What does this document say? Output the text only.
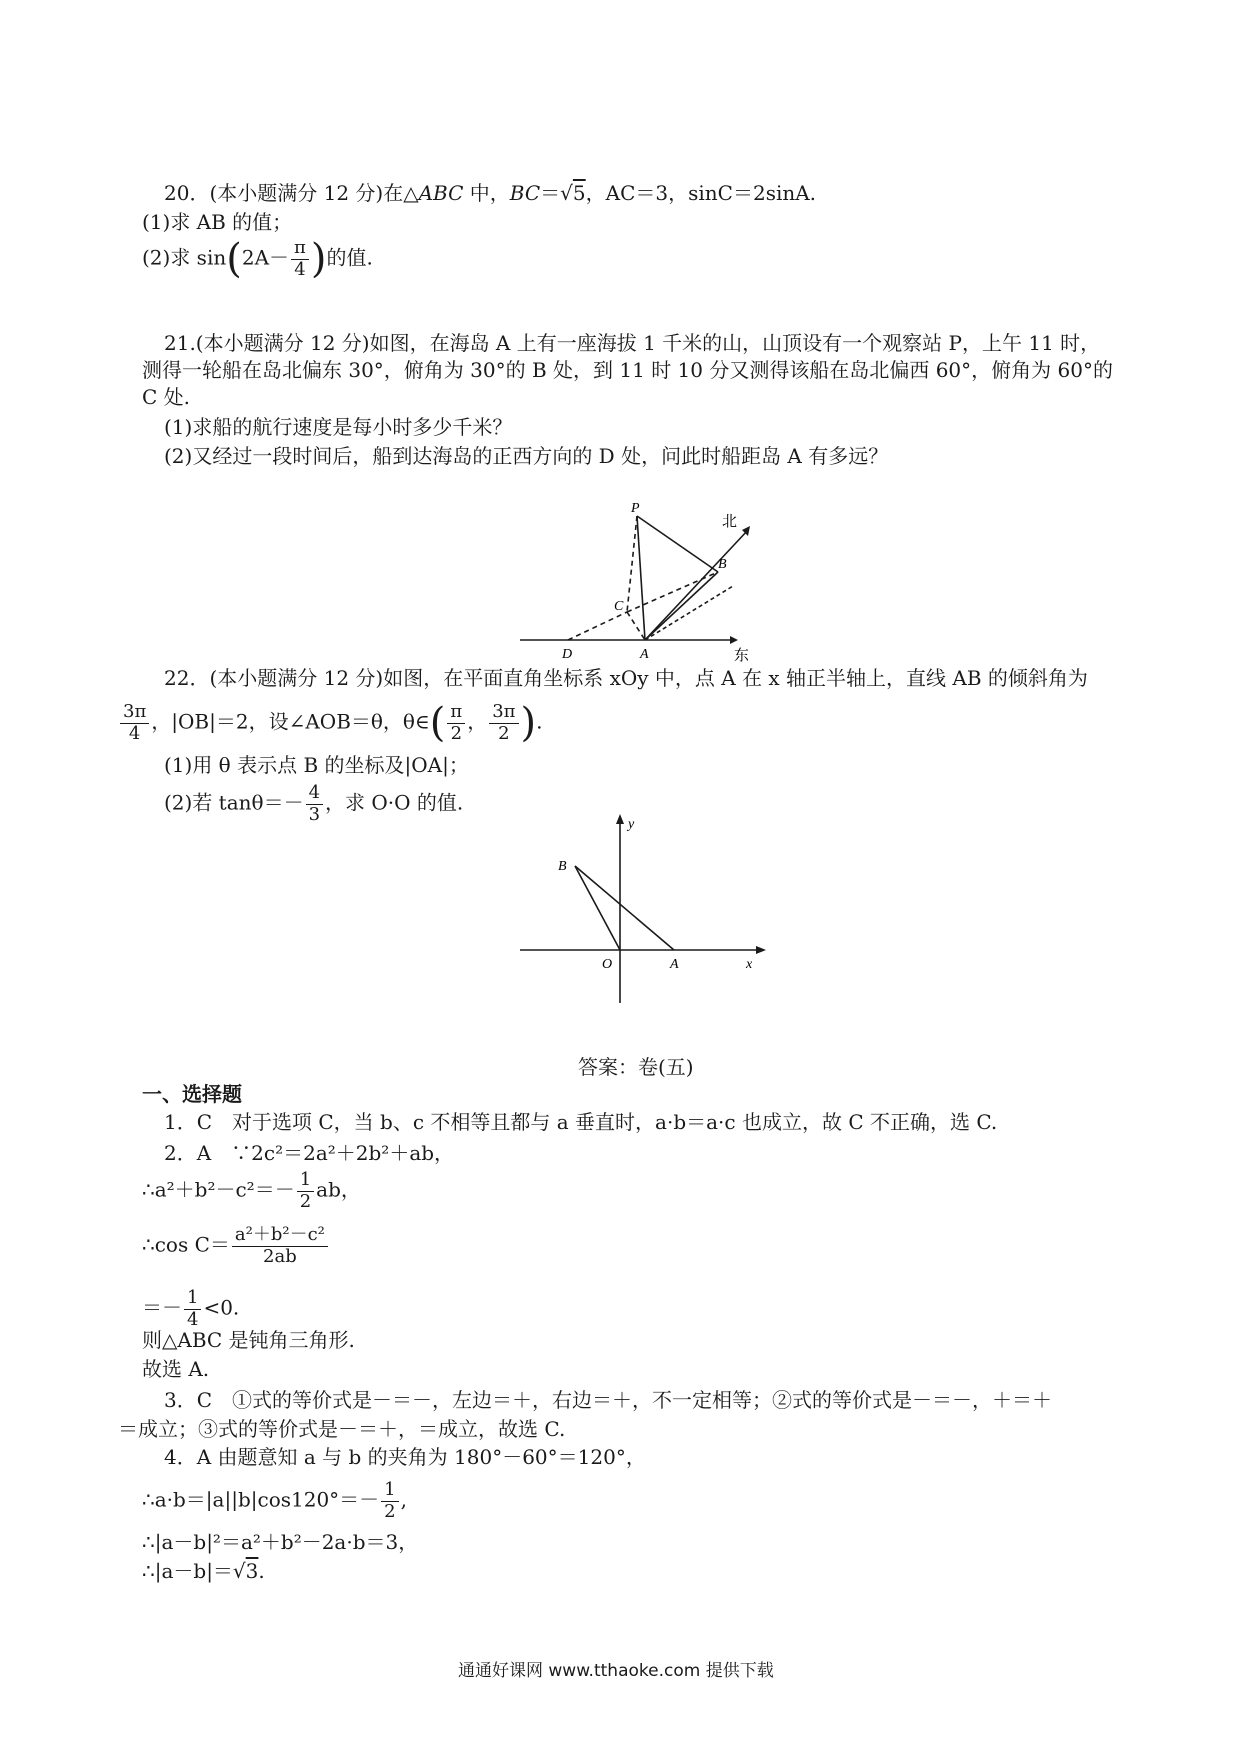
20．(本小题满分 12 分)在△ABC 中，BC＝√5，AC＝3，sinC＝2sinA.
(1)求 AB 的值；
(2)求 $\sin(2A- \frac{\pi}{4}$ )的值.
21.(本小题满分 12 分)如图，在海岛 A 上有一座海拔 1 千米的山，山顶设有一个观察站 P，上午 11 时，
测得一轮船在岛北偏东 30°，俯角为 30°的 B 处，到 11 时 10 分又测得该船在岛北偏西 60°，俯角为 60°的
C 处.
(1)求船的航行速度是每小时多少千米？
(2)又经过一段时间后，船到达海岛的正西方向的 D 处，问此时船距岛 A 有多远？
P
B
C
D	A
北
东
22．(本小题满分 12 分)如图，在平面直角坐标系 xOy 中，点 A 在 x 轴正半轴上，直线 AB 的倾斜角为
$\frac{3\pi}{4}$ ，|OB|＝2，设∠AOB＝θ，θ∈( $\frac{\pi}{2}$ ， $\frac{3\pi}{2}$ ).
(1)用 θ 表示点 B 的坐标及|OA|；
(2)若 $\tan\theta=- \frac{4}{3}$ ，求 O·O 的值.
B
y
O	A	x
答案：卷(五)
一、选择题
1．C　对于选项 C，当 b、c 不相等且都与 a 垂直时，a·b＝a·c 也成立，故 C 不正确，选 C.
2．A　∵2c²＝2a²＋2b²＋ab，
∴a²＋b²－c²＝－ $\frac{1}{2}$ ab，
∴cos $C= \frac{\text{a²＋b²－c²}}{2ab}$
＝－ $\frac{1}{4} <0$.
则△ABC 是钝角三角形.
故选 A.
3．C　①式的等价式是－＝－，左边＝＋，右边＝＋，不一定相等；②式的等价式是－＝－，＋＝＋
＝成立；③式的等价式是－＝＋，＝成立，故选 C.
4．A 由题意知 a 与 b 的夹角为 180°－60°＝120°，
∴a·b＝|a||b|cos120°＝－ $\frac{1}{2}$ ,
∴|a－b|²＝a²＋b²－2a·b＝3，
∴|a－b|＝√3.
通通好课网 www.tthaoke.com 提供下载
